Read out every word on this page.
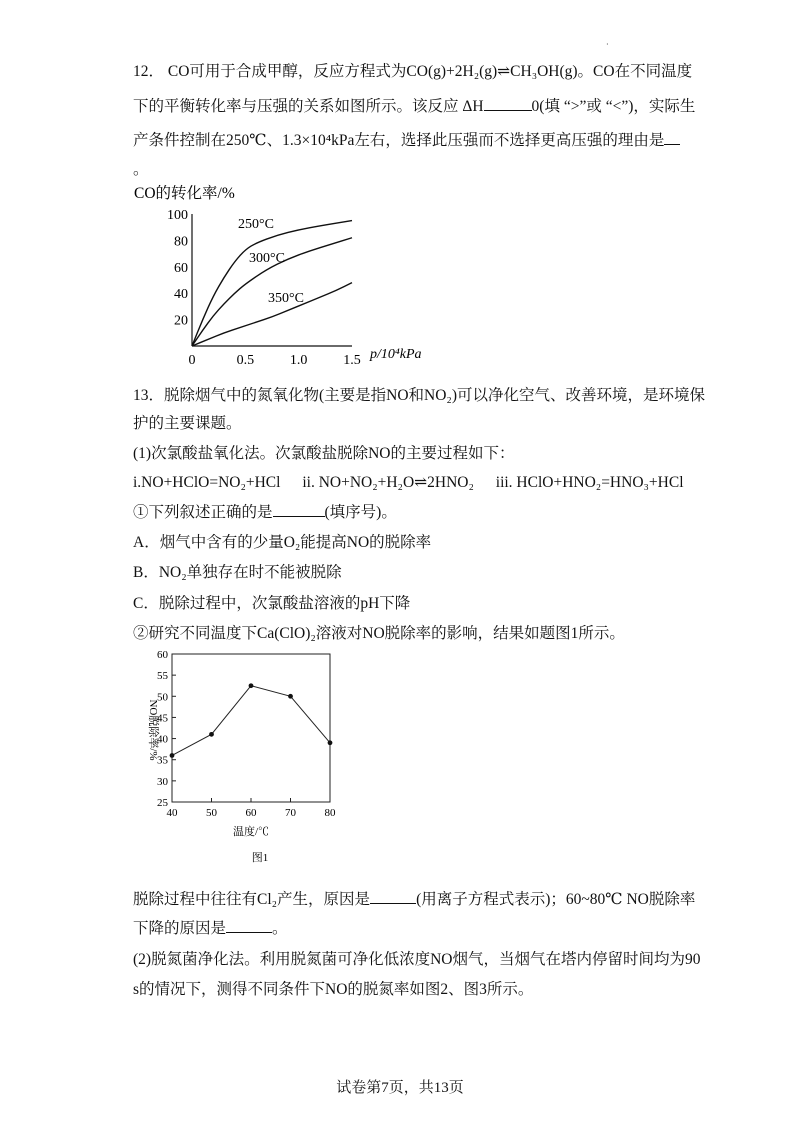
·
12． CO可用于合成甲醇，反应方程式为CO(g)+2H₂(g)⇌CH₃OH(g)。CO在不同温度
下的平衡转化率与压强的关系如图所示。该反应 ΔH	0(填 “>”或 “<”)，实际生
产条件控制在250℃、1.3×10⁴kPa左右，选择此压强而不选择更高压强的理由是
。
CO的转化率/%
20
40
60
80
100
0	0.5	1.0	1.5
250°C
300°C
350°C
p/10⁴kPa
13．脱除烟气中的氮氧化物(主要是指NO和NO₂)可以净化空气、改善环境，是环境保
护的主要课题。
(1)次氯酸盐氧化法。次氯酸盐脱除NO的主要过程如下：
i.NO+HClO=NO₂+HCl ii. NO+NO₂+H₂O⇌2HNO₂ iii. HClO+HNO₂=HNO₃+HCl
①下列叙述正确的是	(填序号)。
A．烟气中含有的少量O₂能提高NO的脱除率
B．NO₂单独存在时不能被脱除
C．脱除过程中，次氯酸盐溶液的pH下降
②研究不同温度下Ca(ClO)₂溶液对NO脱除率的影响，结果如题图1所示。
25
30
35
40
45
50
55
60
40	50	60	70	80
NO脱除率/%
温度/℃
图1
脱除过程中往往有Cl₂产生，原因是	(用离子方程式表示)；60~80℃ NO脱除率
下降的原因是	。
(2)脱氮菌净化法。利用脱氮菌可净化低浓度NO烟气，当烟气在塔内停留时间均为90
s的情况下，测得不同条件下NO的脱氮率如图2、图3所示。
试卷第7页，共13页
